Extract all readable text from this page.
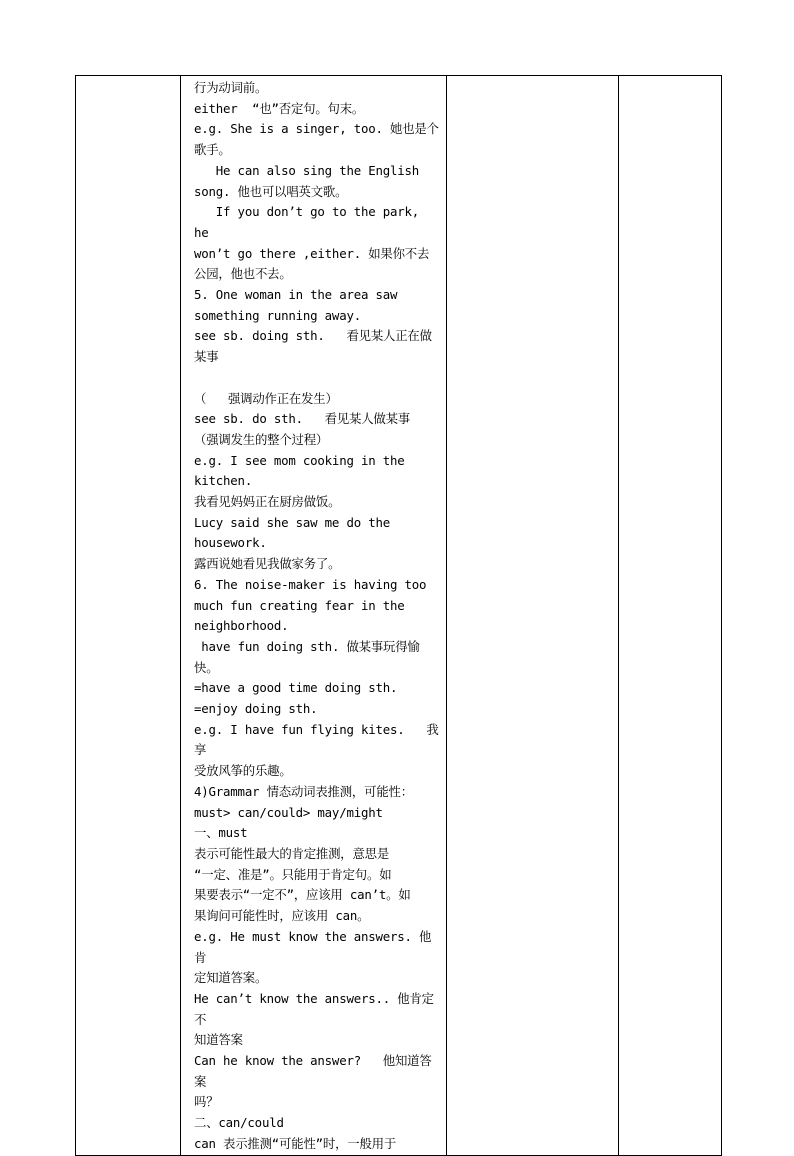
行为动词前。
either  “也”否定句。句末。
e.g. She is a singer, too. 她也是个
歌手。
He can also sing the English
song. 他也可以唱英文歌。
If you don’t go to the park, he
won’t go there ,either. 如果你不去
公园，他也不去。
5. One woman in the area saw
something running away.
see sb. doing sth.   看见某人正在做
某事
（   强调动作正在发生）
see sb. do sth.   看见某人做某事
（强调发生的整个过程）
e.g. I see mom cooking in the
kitchen.
我看见妈妈正在厨房做饭。
Lucy said she saw me do the
housework.
露西说她看见我做家务了。
6. The noise-maker is having too
much fun creating fear in the
neighborhood.
have fun doing sth. 做某事玩得愉快。
=have a good time doing sth.
=enjoy doing sth.
e.g. I have fun flying kites.   我享
受放风筝的乐趣。
4)Grammar 情态动词表推测，可能性：
must> can/could> may/might
一、must
表示可能性最大的肯定推测，意思是
“一定、准是”。只能用于肯定句。如
果要表示“一定不”，应该用 can’t。如
果询问可能性时，应该用 can。
e.g. He must know the answers. 他肯
定知道答案。
He can’t know the answers.. 他肯定不
知道答案
Can he know the answer?   他知道答案
吗？
二、can/could
can 表示推测“可能性”时，一般用于
